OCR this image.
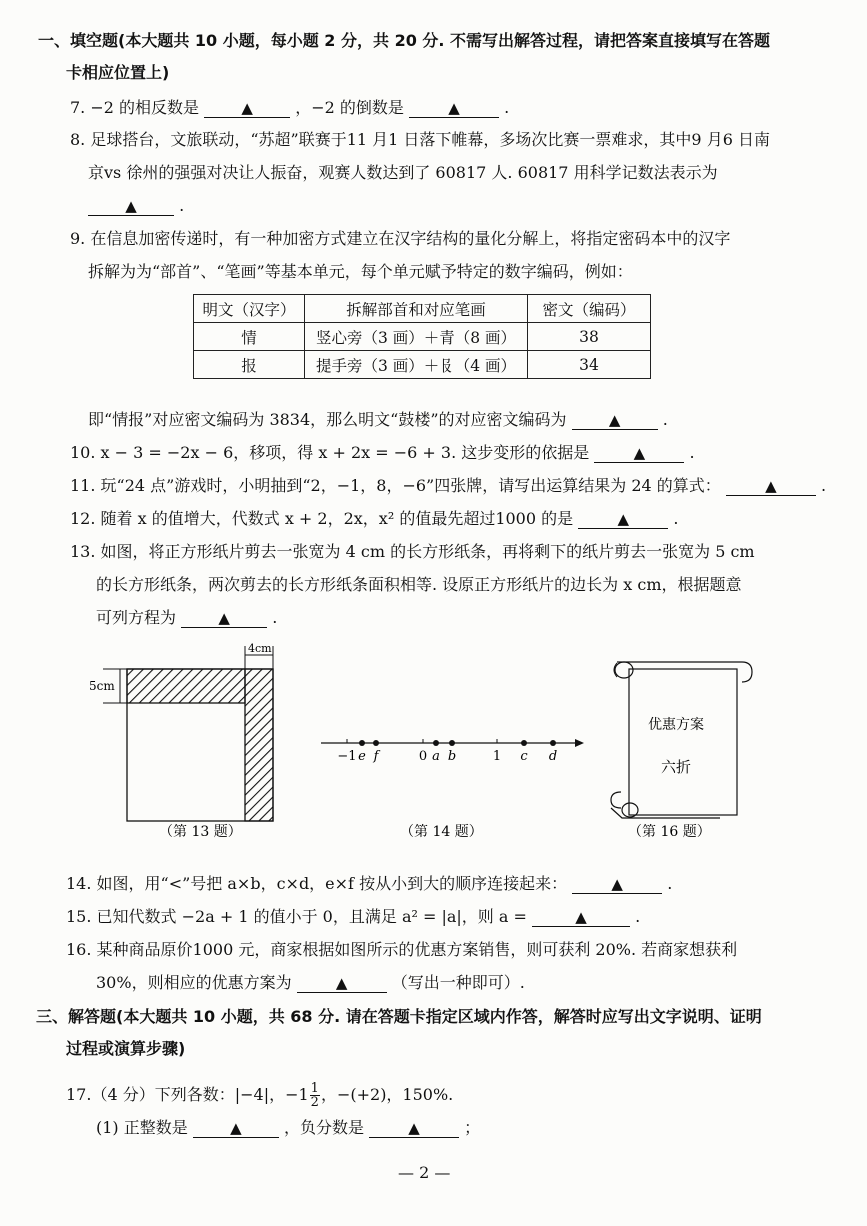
一、填空题(本大题共 10 小题，每小题 2 分，共 20 分. 不需写出解答过程，请把答案直接填写在答题
卡相应位置上)
7. −2 的相反数是	▲	，−2 的倒数是	▲	.
8. 足球搭台，文旅联动，“苏超”联赛于11 月1 日落下帷幕，多场次比赛一票难求，其中9 月6 日南
京vs 徐州的强强对决让人振奋，观赛人数达到了 60817 人. 60817 用科学记数法表示为
▲	.
9. 在信息加密传递时，有一种加密方式建立在汉字结构的量化分解上，将指定密码本中的汉字
拆解为为“部首”、“笔画”等基本单元，每个单元赋予特定的数字编码，例如：
明文（汉字）	拆解部首和对应笔画	密文（编码）
情	竖心旁（3 画）＋青（8 画）	38
报	提手旁（3 画）＋𠬝（4 画）	34
即“情报”对应密文编码为 3834，那么明文“鼓楼”的对应密文编码为	▲	.
10. x − 3 = −2x − 6，移项，得 x + 2x = −6 + 3. 这步变形的依据是	▲	.
11. 玩“24 点”游戏时，小明抽到“2，−1，8，−6”四张牌，请写出运算结果为 24 的算式：	▲	.
12. 随着 x 的值增大，代数式 x + 2，2x，x² 的值最先超过1000 的是	▲	.
13. 如图，将正方形纸片剪去一张宽为 4 cm 的长方形纸条，再将剩下的纸片剪去一张宽为 5 cm
的长方形纸条，两次剪去的长方形纸条面积相等. 设原正方形纸片的边长为 x cm，根据题意
可列方程为	▲	.
4cm
5cm
（第 13 题）
−1 e f	0 a b	1 c d
（第 14 题）
优惠方案
六折
（第 16 题）
14. 如图，用“<”号把 a×b，c×d，e×f 按从小到大的顺序连接起来：	▲	.
15. 已知代数式 −2a + 1 的值小于 0，且满足 a² = |a|，则 a =	▲	.
16. 某种商品原价1000 元，商家根据如图所示的优惠方案销售，则可获利 20%. 若商家想获利
30%，则相应的优惠方案为	▲	（写出一种即可）.
三、解答题(本大题共 10 小题，共 68 分. 请在答题卡指定区域内作答，解答时应写出文字说明、证明
过程或演算步骤)
17.（4 分）下列各数：|−4|，$-1 \frac{1}{2}$ ，−(+2)，150%.
(1) 正整数是	▲	，负分数是	▲	；
— 2 —
